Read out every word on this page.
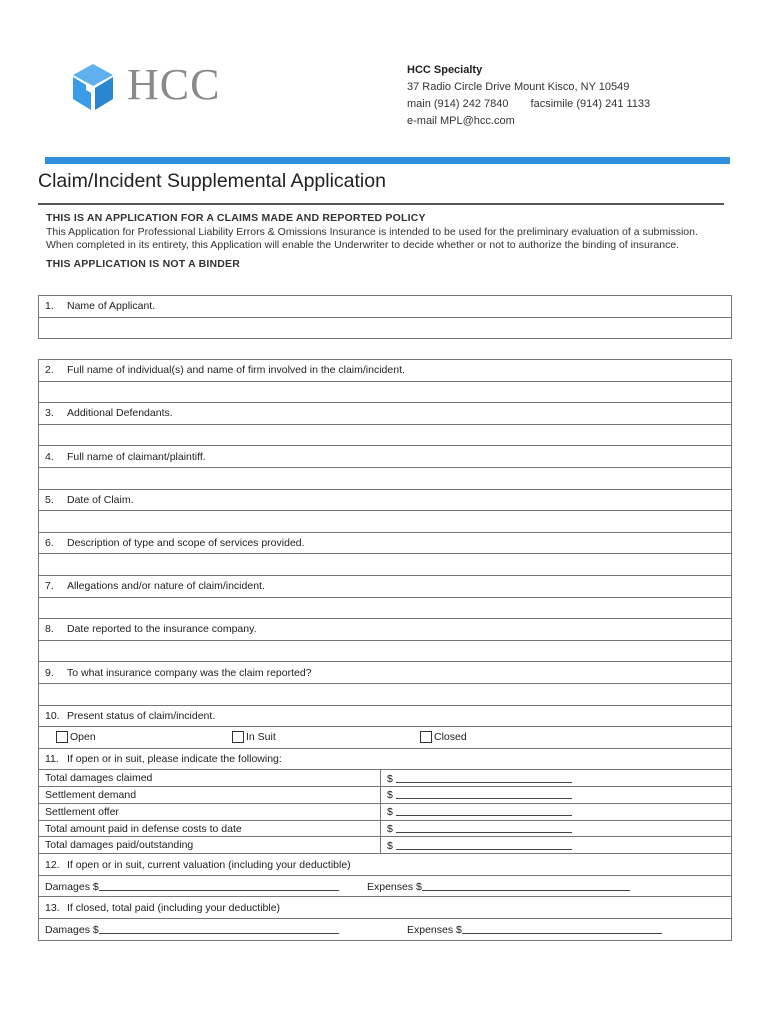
HCC	HCC Specialty
37 Radio Circle Drive Mount Kisco, NY 10549
main (914) 242 7840 facsimile (914) 241 1133
e-mail MPL@hcc.com
Claim/Incident Supplemental Application
THIS IS AN APPLICATION FOR A CLAIMS MADE AND REPORTED POLICY
This Application for Professional Liability Errors & Omissions Insurance is intended to be used for the preliminary evaluation of a submission. When completed in its entirety, this Application will enable the Underwriter to decide whether or not to authorize the binding of insurance.
THIS APPLICATION IS NOT A BINDER
1. Name of Applicant.

2. Full name of individual(s) and name of firm involved in the claim/incident.	

3. Additional Defendants.	

4. Full name of claimant/plaintiff.	

5. Date of Claim.	

6. Description of type and scope of services provided.	

7. Allegations and/or nature of claim/incident.	

8. Date reported to the insurance company.	

9. To what insurance company was the claim reported?	

10. Present status of claim/incident.	
Open In Suit Closed	
11. If open or in suit, please indicate the following:	
Total damages claimed	$
Settlement demand	$
Settlement offer	$
Total amount paid in defense costs to date	$
Total damages paid/outstanding	$
12. If open or in suit, current valuation (including your deductible)	
Damages $ Expenses $	
13. If closed, total paid (including your deductible)	
Damages $ Expenses $	
